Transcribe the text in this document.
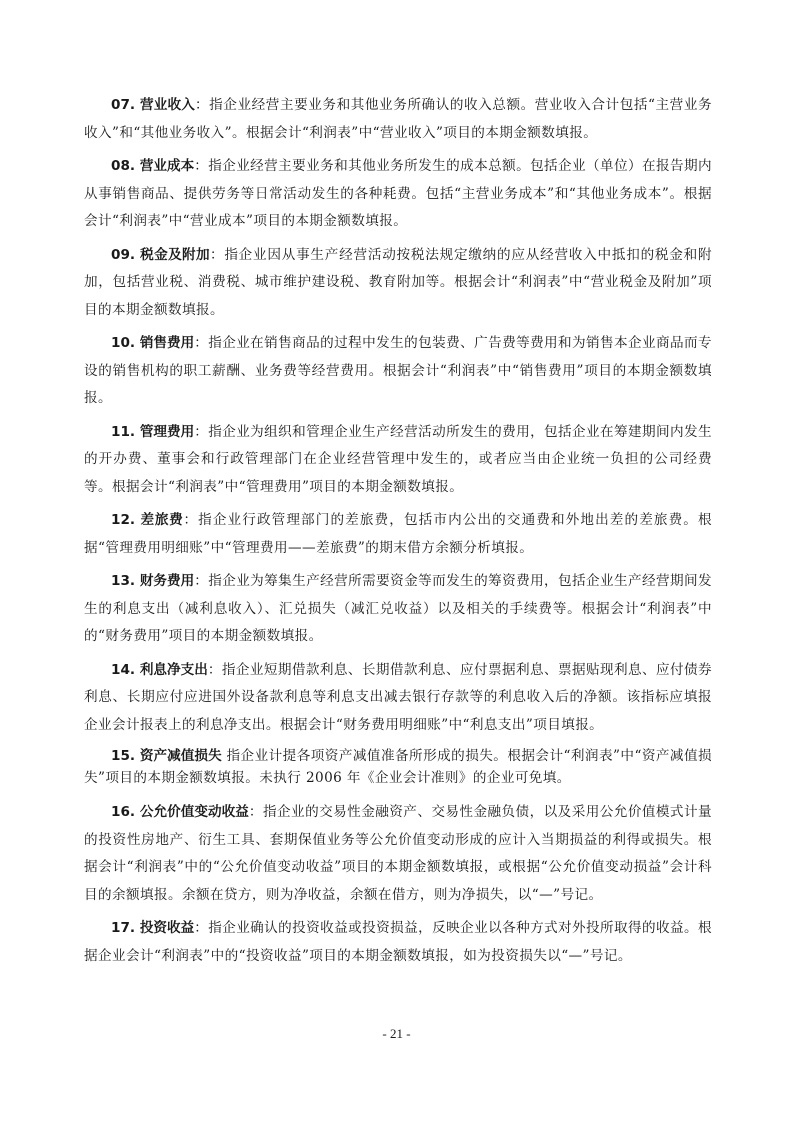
07. 营业收入：指企业经营主要业务和其他业务所确认的收入总额。营业收入合计包括“主营业务收入”和“其他业务收入”。根据会计“利润表”中“营业收入”项目的本期金额数填报。

08. 营业成本：指企业经营主要业务和其他业务所发生的成本总额。包括企业（单位）在报告期内从事销售商品、提供劳务等日常活动发生的各种耗费。包括“主营业务成本”和“其他业务成本”。根据会计“利润表”中“营业成本”项目的本期金额数填报。

09. 税金及附加：指企业因从事生产经营活动按税法规定缴纳的应从经营收入中抵扣的税金和附加，包括营业税、消费税、城市维护建设税、教育附加等。根据会计“利润表”中“营业税金及附加”项目的本期金额数填报。

10. 销售费用：指企业在销售商品的过程中发生的包装费、广告费等费用和为销售本企业商品而专设的销售机构的职工薪酬、业务费等经营费用。根据会计“利润表”中“销售费用”项目的本期金额数填报。

11. 管理费用：指企业为组织和管理企业生产经营活动所发生的费用，包括企业在筹建期间内发生的开办费、董事会和行政管理部门在企业经营管理中发生的，或者应当由企业统一负担的公司经费等。根据会计“利润表”中“管理费用”项目的本期金额数填报。

12. 差旅费：指企业行政管理部门的差旅费，包括市内公出的交通费和外地出差的差旅费。根据“管理费用明细账”中“管理费用——差旅费”的期末借方余额分析填报。

13. 财务费用：指企业为筹集生产经营所需要资金等而发生的筹资费用，包括企业生产经营期间发生的利息支出（减利息收入）、汇兑损失（减汇兑收益）以及相关的手续费等。根据会计“利润表”中的“财务费用”项目的本期金额数填报。

14. 利息净支出：指企业短期借款利息、长期借款利息、应付票据利息、票据贴现利息、应付债券利息、长期应付应进国外设备款利息等利息支出减去银行存款等的利息收入后的净额。该指标应填报企业会计报表上的利息净支出。根据会计“财务费用明细账”中“利息支出”项目填报。

15. 资产减值损失 指企业计提各项资产减值准备所形成的损失。根据会计“利润表”中“资产减值损失”项目的本期金额数填报。未执行 2006 年《企业会计准则》的企业可免填。

16. 公允价值变动收益：指企业的交易性金融资产、交易性金融负债，以及采用公允价值模式计量的投资性房地产、衍生工具、套期保值业务等公允价值变动形成的应计入当期损益的利得或损失。根据会计“利润表”中的“公允价值变动收益”项目的本期金额数填报，或根据“公允价值变动损益”会计科目的余额填报。余额在贷方，则为净收益，余额在借方，则为净损失，以“—”号记。

17. 投资收益：指企业确认的投资收益或投资损益，反映企业以各种方式对外投所取得的收益。根据企业会计“利润表”中的“投资收益”项目的本期金额数填报，如为投资损失以“—”号记。

- 21 -
